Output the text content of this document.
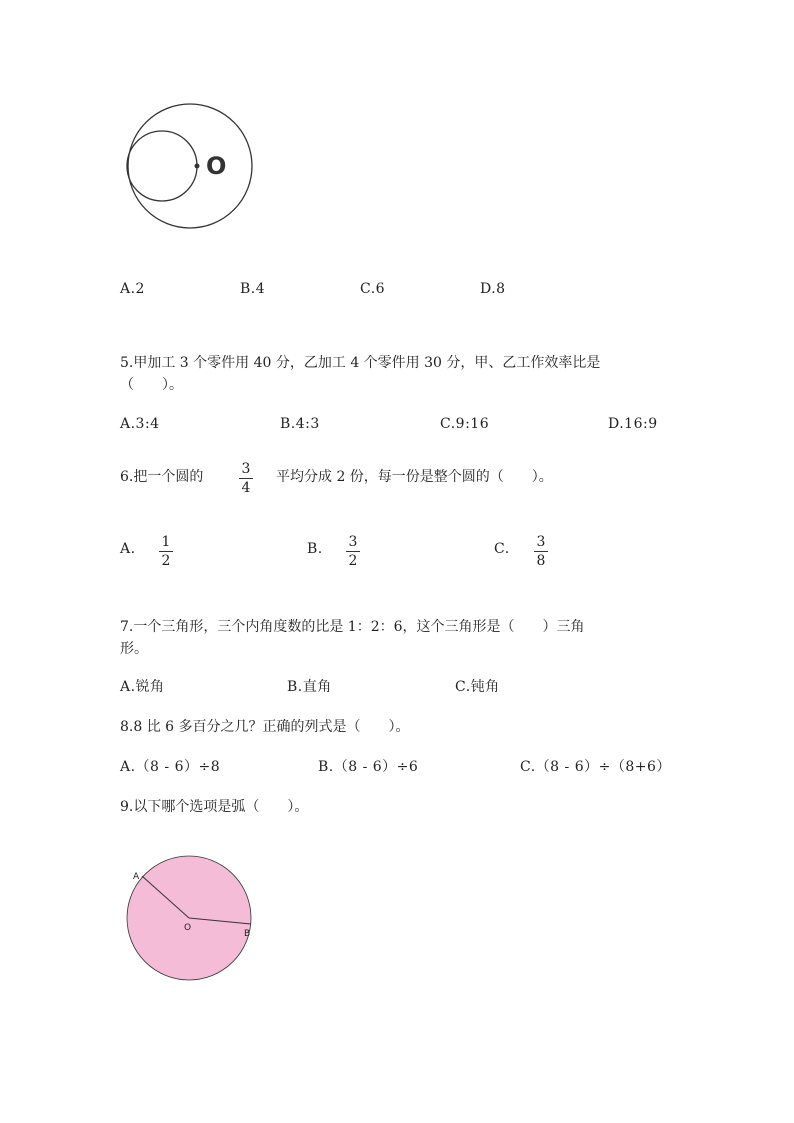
O
A.2	B.4	C.6	D.8
5.甲加工 3 个零件用 40 分，乙加工 4 个零件用 30 分，甲、乙工作效率比是
（　　）。
A.3:4	B.4:3	C.9:16	D.16:9
6.把一个圆的	3
4
平均分成 2 份，每一份是整个圆的（　　）。
A.	1
2
B.	3
2
C.	3
8
7.一个三角形，三个内角度数的比是 1：2：6，这个三角形是（　　）三角
形。
A.锐角	B.直角	C.钝角
8.8 比 6 多百分之几？正确的列式是（　　）。
A.（8 - 6）÷8	B.（8 - 6）÷6	C.（8 - 6）÷（8+6）
9.以下哪个选项是弧（　　）。
A
O
B
